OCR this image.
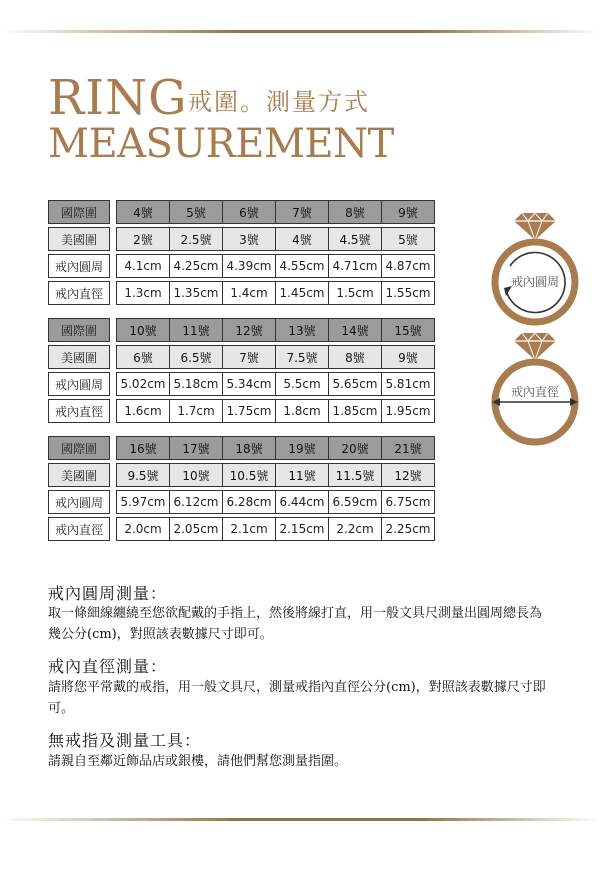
RING 戒圍。測量方式
MEASUREMENT
國際圍		4號	5號	6號	7號	8號	9號

美國圍		2號	2.5號	3號	4號	4.5號	5號

戒內圓周		4.1cm	4.25cm	4.39cm	4.55cm	4.71cm	4.87cm

戒內直徑		1.3cm	1.35cm	1.4cm	1.45cm	1.5cm	1.55cm
國際圍		10號	11號	12號	13號	14號	15號

美國圍		6號	6.5號	7號	7.5號	8號	9號

戒內圓周		5.02cm	5.18cm	5.34cm	5.5cm	5.65cm	5.81cm

戒內直徑		1.6cm	1.7cm	1.75cm	1.8cm	1.85cm	1.95cm
國際圍		16號	17號	18號	19號	20號	21號

美國圍		9.5號	10號	10.5號	11號	11.5號	12號

戒內圓周		5.97cm	6.12cm	6.28cm	6.44cm	6.59cm	6.75cm

戒內直徑		2.0cm	2.05cm	2.1cm	2.15cm	2.2cm	2.25cm
戒內圓周
戒內直徑
戒內圓周測量：
取一條細線纏繞至您欲配戴的手指上，然後將線打直，用一般文具尺測量出圓周總長為幾公分(cm)，對照該表數據尺寸即可。
戒內直徑測量：
請將您平常戴的戒指，用一般文具尺，測量戒指內直徑公分(cm)，對照該表數據尺寸即可。
無戒指及測量工具：
請親自至鄰近飾品店或銀樓，請他們幫您測量指圍。
